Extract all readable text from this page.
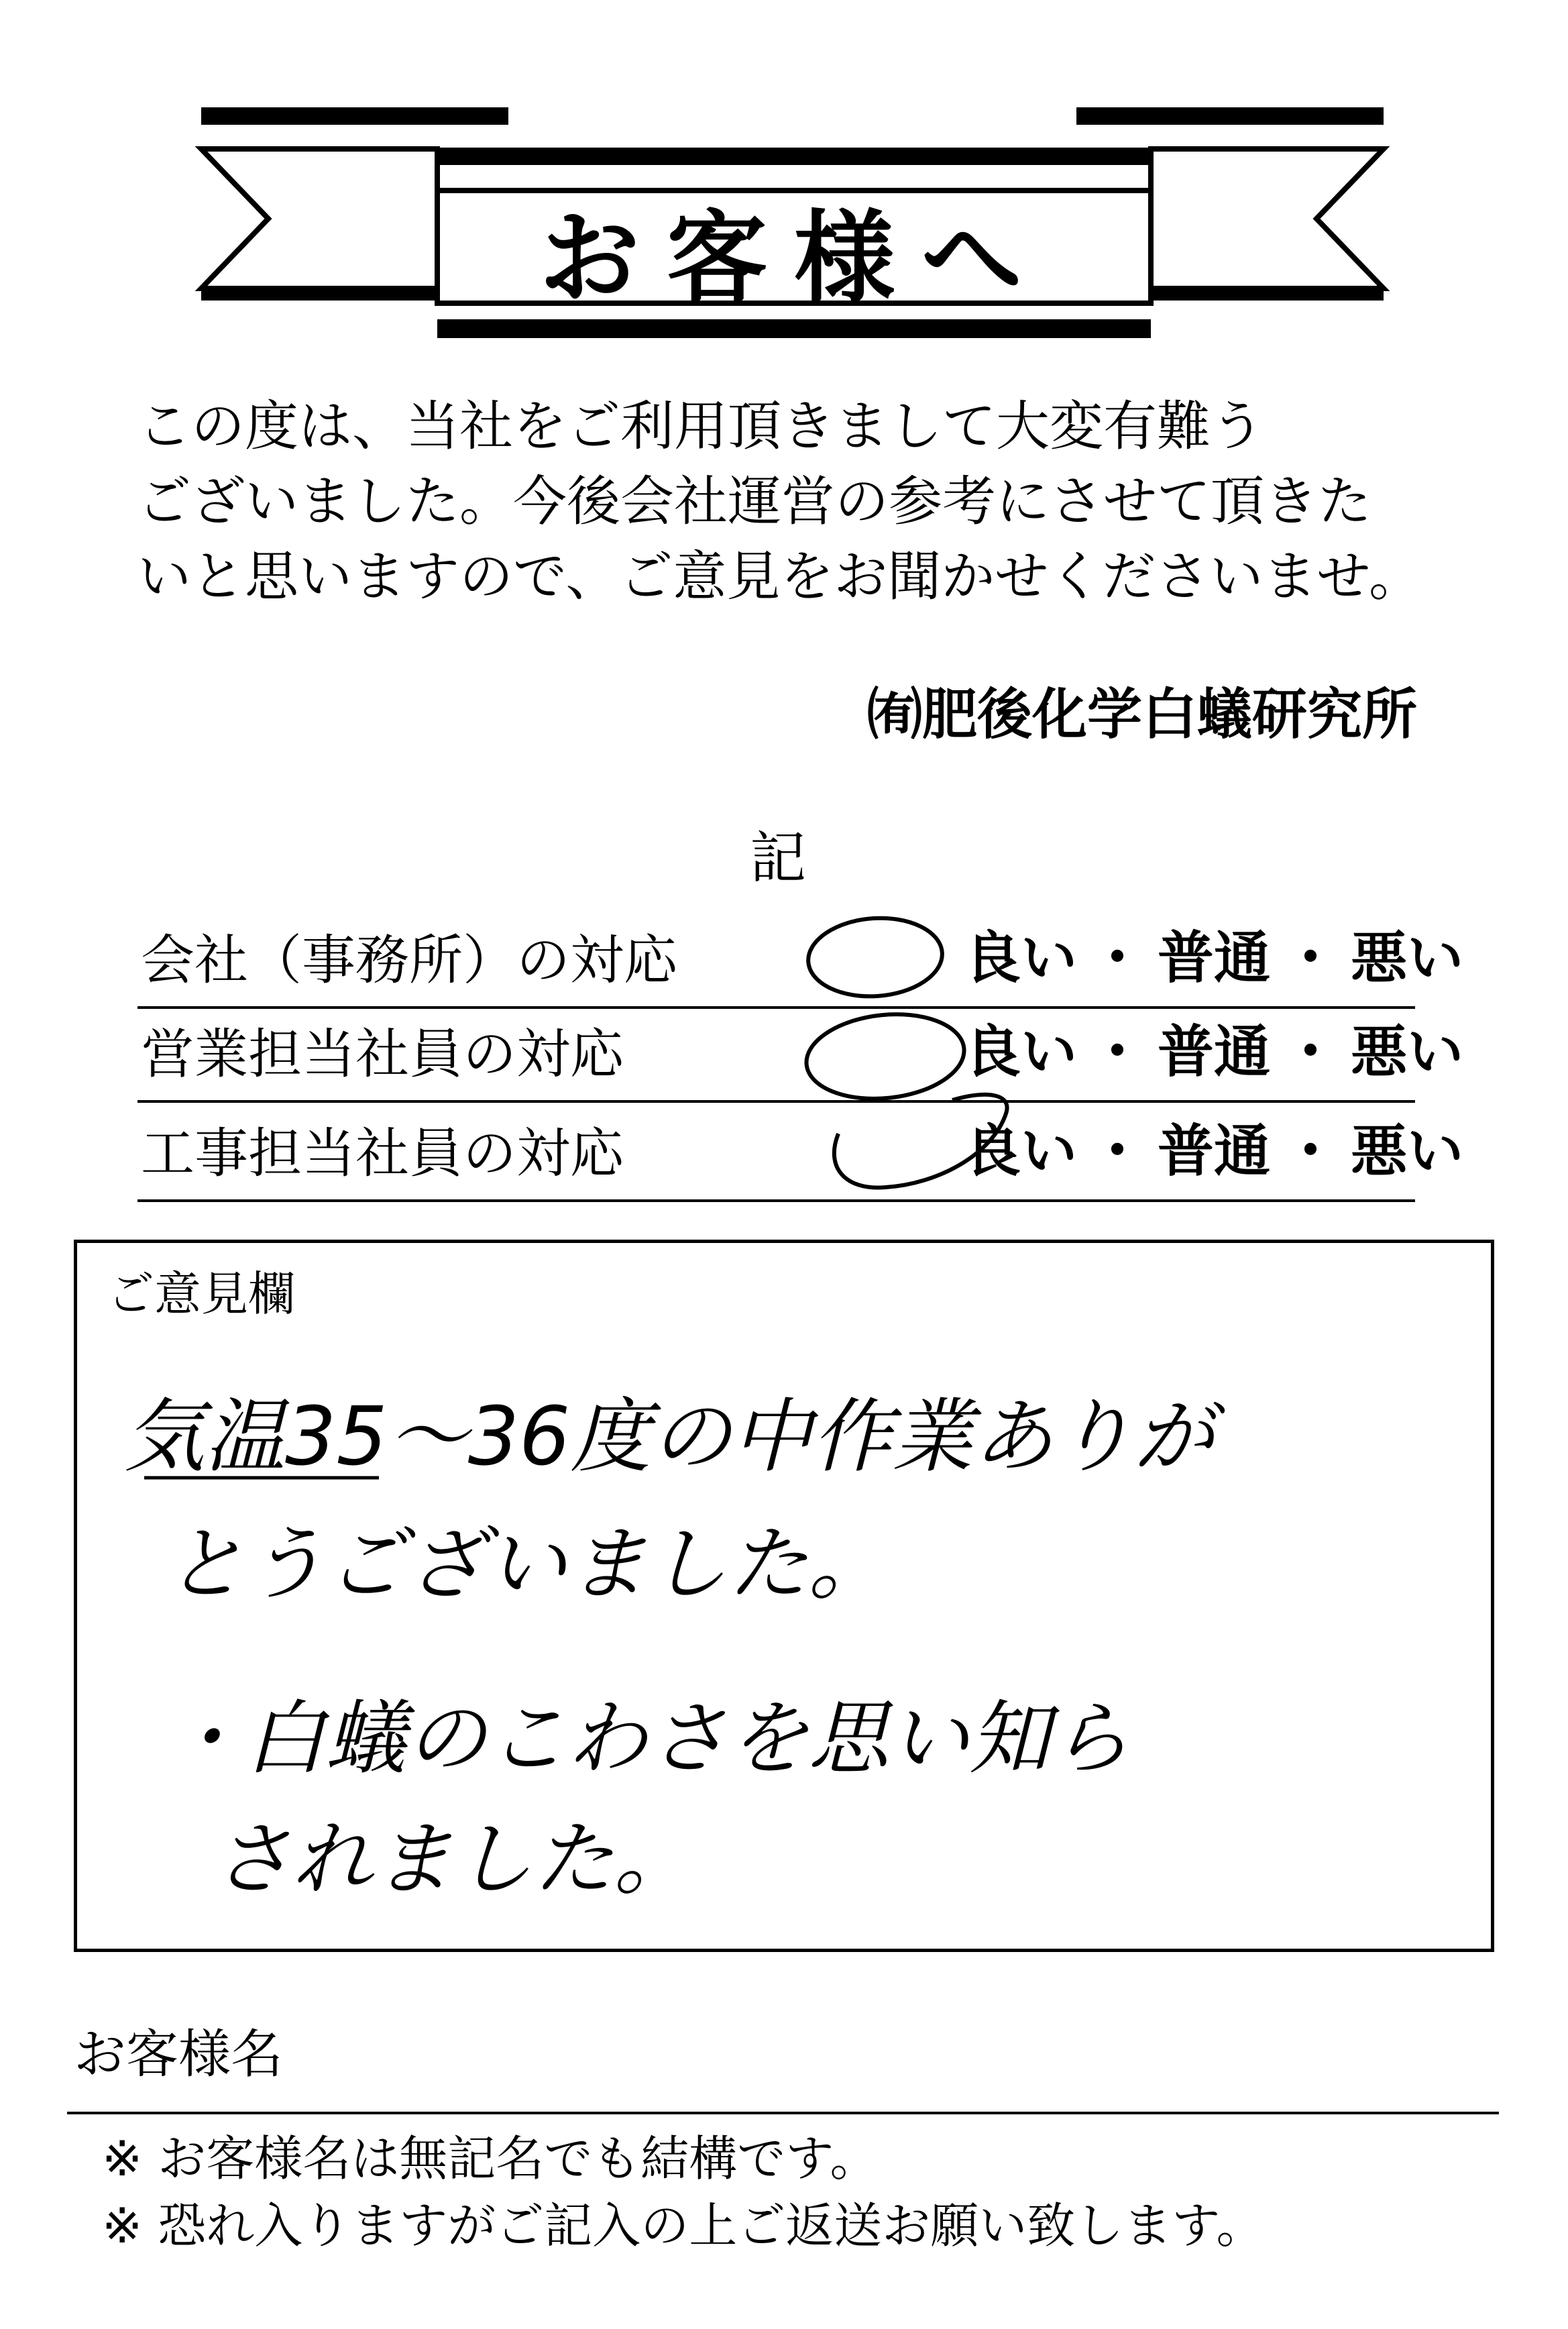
お客様へ
この度は、当社をご利用頂きまして大変有難う
ございました。今後会社運営の参考にさせて頂きた
いと思いますので、ご意見をお聞かせくださいませ。
㈲肥後化学白蟻研究所
記
会社（事務所）の対応	良い ・ 普通 ・ 悪い
営業担当社員の対応	良い ・ 普通 ・ 悪い
工事担当社員の対応	良い ・ 普通 ・ 悪い
ご意見欄
気温35〜36度の中作業ありが
とうございました。
・白蟻のこわさを思い知ら
されました。
お客様名
※ お客様名は無記名でも結構です。
※ 恐れ入りますがご記入の上ご返送お願い致します。
